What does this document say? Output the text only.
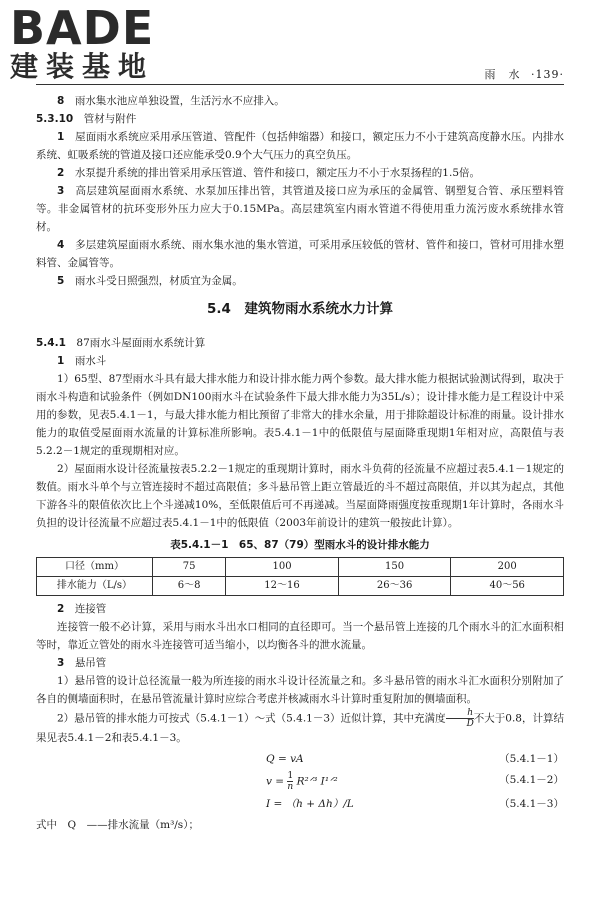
BADE
建装基地	雨　水 ·139·

8　 雨水集水池应单独设置，生活污水不应排入。

5.3.10　 管材与附件

1　 屋面雨水系统应采用承压管道、管配件（包括伸缩器）和接口，额定压力不小于建筑高度静水压。内排水系统、虹吸系统的管道及接口还应能承受0.9个大气压力的真空负压。

2　 水泵提升系统的排出管采用承压管道、管件和接口，额定压力不小于水泵扬程的1.5倍。

3　 高层建筑屋面雨水系统、水泵加压排出管，其管道及接口应为承压的金属管、钢塑复合管、承压塑料管等。非金属管材的抗环变形外压力应大于0.15MPa。高层建筑室内雨水管道不得使用重力流污废水系统排水管材。

4　 多层建筑屋面雨水系统、雨水集水池的集水管道，可采用承压较低的管材、管件和接口，管材可用排水塑料管、金属管等。

5　 雨水斗受日照强烈，材质宜为金属。

5.4　 建筑物雨水系统水力计算

5.4.1　 87雨水斗屋面雨水系统计算

1　 雨水斗

1）65型、87型雨水斗具有最大排水能力和设计排水能力两个参数。最大排水能力根据试验测试得到，取决于雨水斗构造和试验条件（例如DN100雨水斗在试验条件下最大排水能力为35L/s）；设计排水能力是工程设计中采用的参数，见表5.4.1－1，与最大排水能力相比预留了非常大的排水余量，用于排除超设计标准的雨量。设计排水能力的取值受屋面雨水流量的计算标准所影响。表5.4.1－1中的低限值与屋面降重现期1年相对应，高限值与表5.2.2－1规定的重现期相对应。

2）屋面雨水设计径流量按表5.2.2－1规定的重现期计算时，雨水斗负荷的径流量不应超过表5.4.1－1规定的数值。雨水斗单个与立管连接时不超过高限值；多斗悬吊管上距立管最近的斗不超过高限值，并以其为起点，其他下游各斗的限值依次比上个斗递减10%，至低限值后可不再递减。当屋面降雨强度按重现期1年计算时，各雨水斗负担的设计径流量不应超过表5.4.1－1中的低限值（2003年前设计的建筑一般按此计算）。

表5.4.1－1　65、87（79）型雨水斗的设计排水能力
口径（mm）	75	100	150	200
排水能力（L/s）	6～8	12～16	26～36	40～56

2　 连接管

连接管一般不必计算，采用与雨水斗出水口相同的直径即可。当一个悬吊管上连接的几个雨水斗的汇水面积相等时，靠近立管处的雨水斗连接管可适当缩小，以均衡各斗的泄水流量。

3　 悬吊管

1）悬吊管的设计总径流量一般为所连接的雨水斗设计径流量之和。多斗悬吊管的雨水斗汇水面积分别附加了各自的侧墙面积时，在悬吊管流量计算时应综合考虑并核减雨水斗计算时重复附加的侧墙面积。

2）悬吊管的排水能力可按式（5.4.1－1）～式（5.4.1－3）近似计算，其中充满度 $\frac{h}{D}$ 不大于0.8，计算结果见表5.4.1－2和表5.4.1－3。

Q = vA	（5.4.1－1）
$v = \frac{1}{n}$ R²ᐟ³ I¹ᐟ²	（5.4.1－2）
I = （h + Δh）/L	（5.4.1－3）

式中　Q　——排水流量（m³/s）；
